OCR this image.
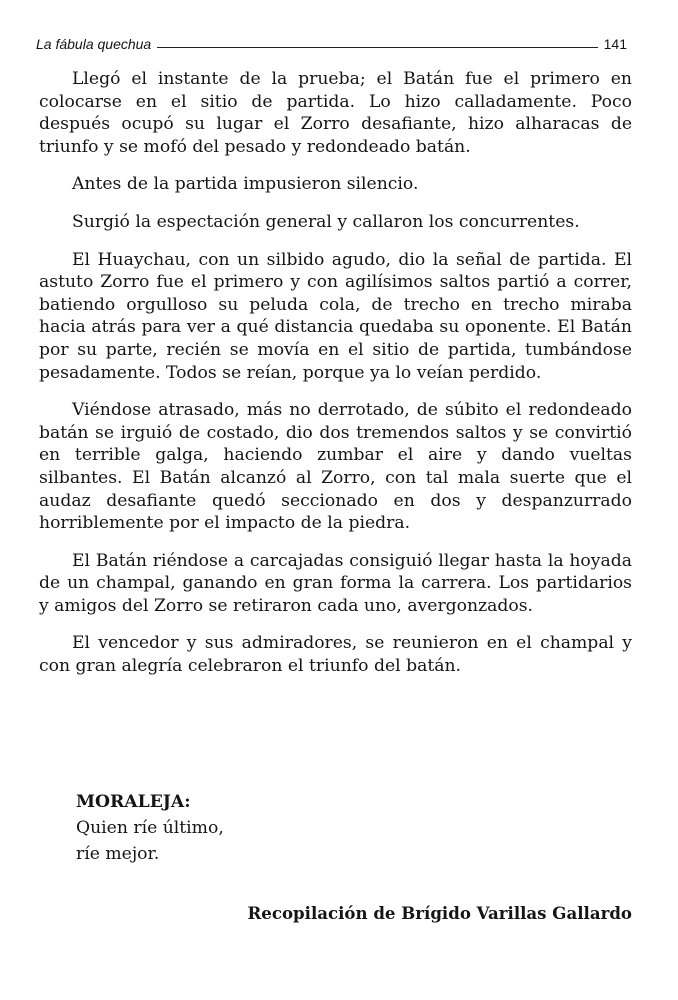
La fábula quechua	141

Llegó el instante de la prueba; el Batán fue el primero en colocarse en el sitio de partida. Lo hizo calladamente. Poco después ocupó su lugar el Zorro desafiante, hizo alharacas de triunfo y se mofó del pesado y redondeado batán.

Antes de la partida impusieron silencio.

Surgió la espectación general y callaron los concurrentes.

El Huaychau, con un silbido agudo, dio la señal de partida. El astuto Zorro fue el primero y con agilísimos saltos partió a correr, batiendo orgulloso su peluda cola, de trecho en trecho miraba hacia atrás para ver a qué distancia quedaba su oponente. El Batán por su parte, recién se movía en el sitio de partida, tumbándose pesadamente. Todos se reían, porque ya lo veían perdido.

Viéndose atrasado, más no derrotado, de súbito el redondeado batán se irguió de costado, dio dos tremendos saltos y se convirtió en terrible galga, haciendo zumbar el aire y dando vueltas silbantes. El Batán alcanzó al Zorro, con tal mala suerte que el audaz desafiante quedó seccionado en dos y despanzurrado horriblemente por el impacto de la piedra.

El Batán riéndose a carcajadas consiguió llegar hasta la hoyada de un champal, ganando en gran forma la carrera. Los partidarios y amigos del Zorro se retiraron cada uno, avergonzados.

El vencedor y sus admiradores, se reunieron en el champal y con gran alegría celebraron el triunfo del batán.

MORALEJA:
Quien ríe último,
ríe mejor.
Recopilación de Brígido Varillas Gallardo
